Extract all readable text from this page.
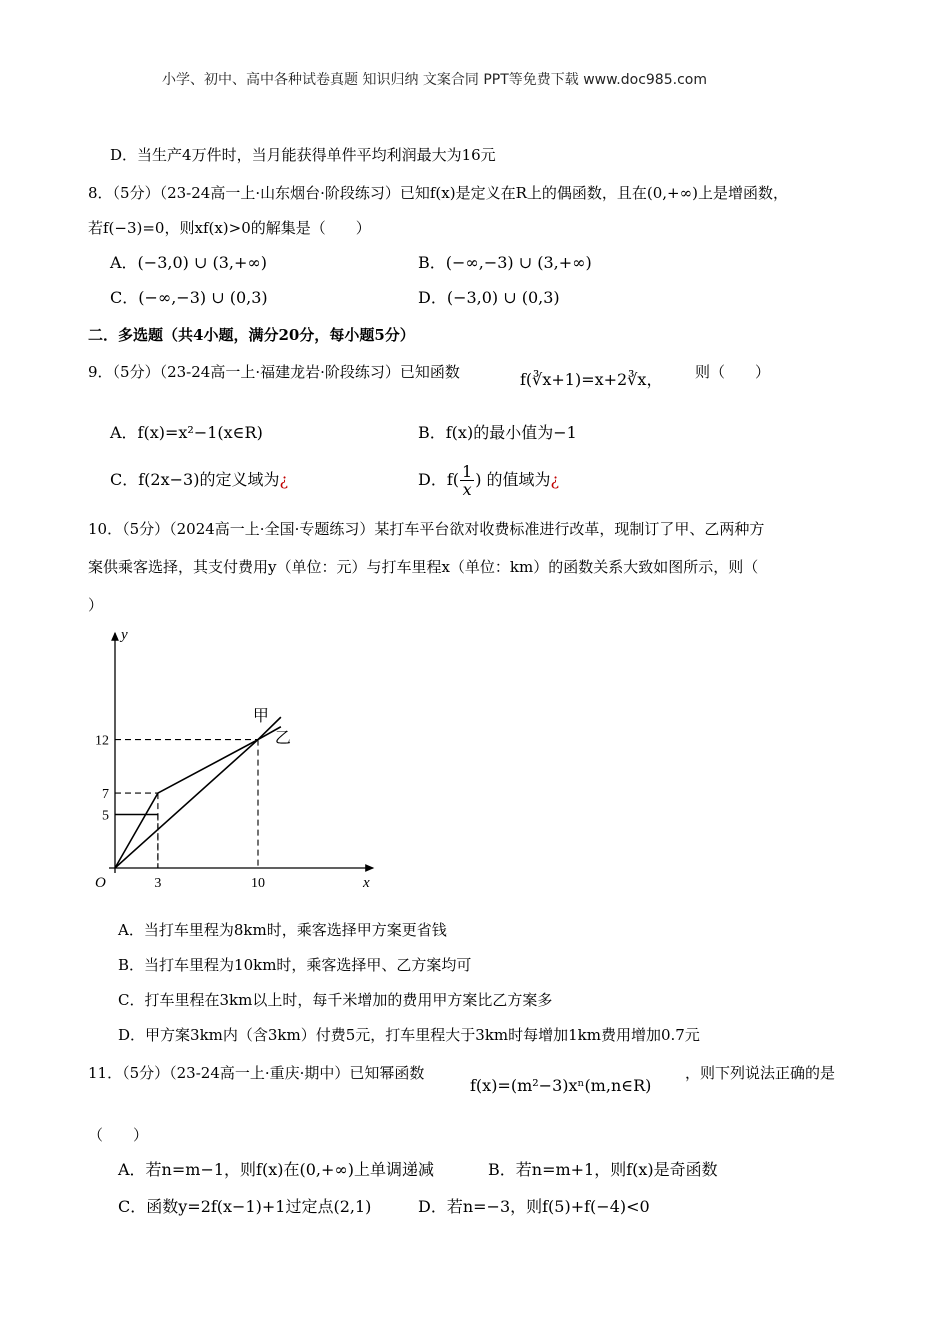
小学、初中、高中各种试卷真题 知识归纳 文案合同 PPT等免费下载 www.doc985.com
D．当生产4万件时，当月能获得单件平均利润最大为16元
8．（5分）（23-24高一上·山东烟台·阶段练习）已知f(x)是定义在R上的偶函数，且在(0,+∞)上是增函数，
若f(−3)=0，则xf(x)>0的解集是（　　）
A．(−3,0) ∪ (3,+∞)	B．(−∞,−3) ∪ (3,+∞)
C．(−∞,−3) ∪ (0,3)	D．(−3,0) ∪ (0,3)
二．多选题（共4小题，满分20分，每小题5分）
9．（5分）（23-24高一上·福建龙岩·阶段练习）已知函数	f(∛x+1)=x+2∛x， 则（　　）
A．f(x)=x²−1(x∈R)	B．f(x)的最小值为−1
C．f(2x−3)的定义域为¿	D．$f( \frac{1}{x}$ ) 的值域为¿
10．（5分）（2024高一上·全国·专题练习）某打车平台欲对收费标准进行改革，现制订了甲、乙两种方
案供乘客选择，其支付费用y（单位：元）与打车里程x（单位：km）的函数关系大致如图所示，则（
）
x
y
O	3	10
5
7
12
甲
乙
A．当打车里程为8km时，乘客选择甲方案更省钱
B．当打车里程为10km时，乘客选择甲、乙方案均可
C．打车里程在3km以上时，每千米增加的费用甲方案比乙方案多
D．甲方案3km内（含3km）付费5元，打车里程大于3km时每增加1km费用增加0.7元
11．（5分）（23-24高一上·重庆·期中）已知幂函数
f(x)=(m²−3)xⁿ(m,n∈R)
，则下列说法正确的是
（　　）
A．若n=m−1，则f(x)在(0,+∞)上单调递减	B．若n=m+1，则f(x)是奇函数
C．函数y=2f(x−1)+1过定点(2,1)	D．若n=−3，则f(5)+f(−4)<0
